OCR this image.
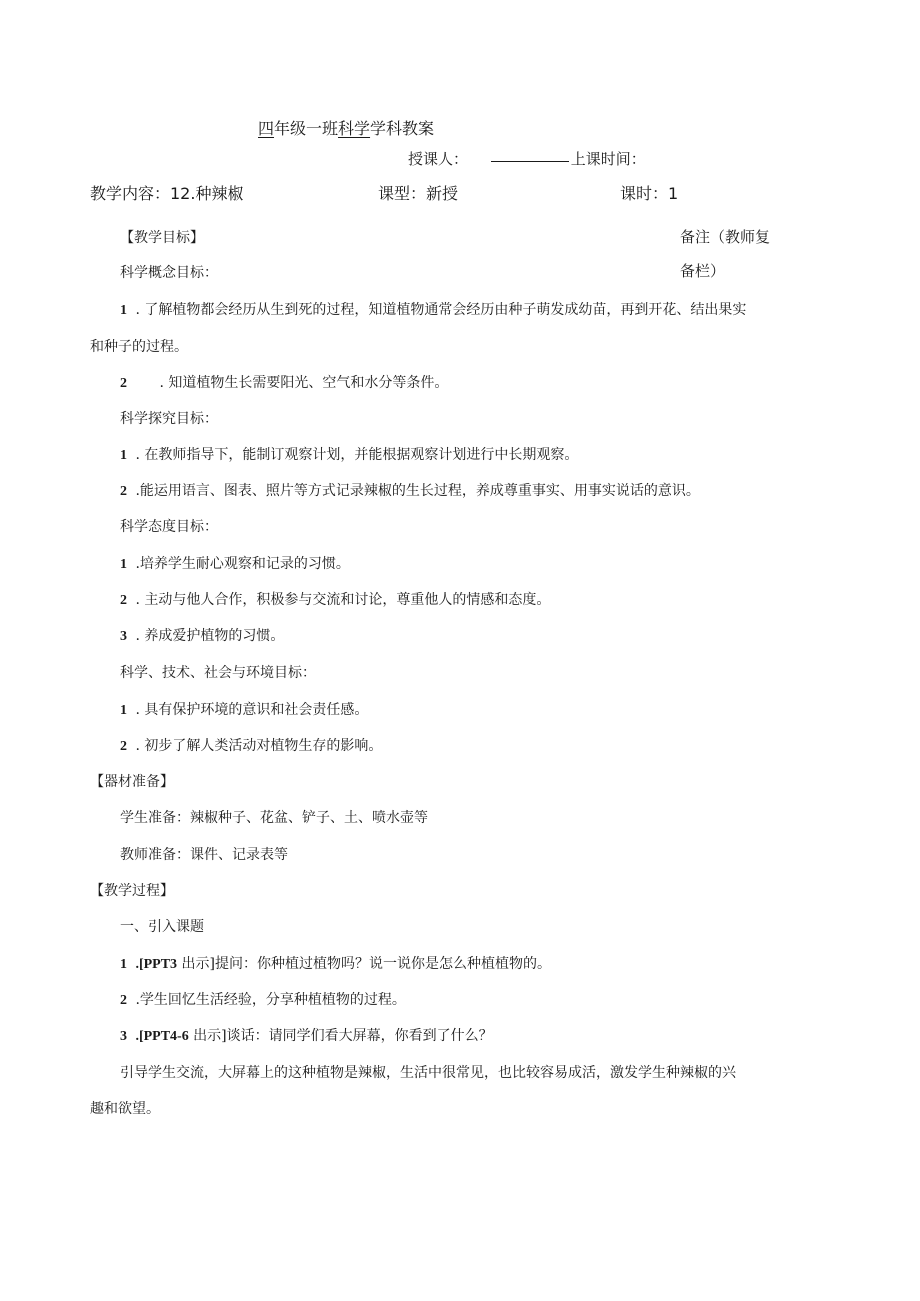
四年级一班科学学科教案
授课人：	上课时间：
教学内容：12.种辣椒	课型：新授	课时：1
【教学目标】	备注（教师复
备栏）
科学概念目标：
1 . 了解植物都会经历从生到死的过程，知道植物通常会经历由种子萌发成幼苗，再到开花、结出果实
和种子的过程。
2 . 知道植物生长需要阳光、空气和水分等条件。
科学探究目标：
1 . 在教师指导下，能制订观察计划，并能根据观察计划进行中长期观察。
2 .能运用语言、图表、照片等方式记录辣椒的生长过程，养成尊重事实、用事实说话的意识。
科学态度目标：
1 .培养学生耐心观察和记录的习惯。
2 . 主动与他人合作，积极参与交流和讨论，尊重他人的情感和态度。
3 . 养成爱护植物的习惯。
科学、技术、社会与环境目标：
1 . 具有保护环境的意识和社会责任感。
2 . 初步了解人类活动对植物生存的影响。
【器材准备】
学生准备：辣椒种子、花盆、铲子、土、喷水壶等
教师准备：课件、记录表等
【教学过程】
一、引入课题
1 .[PPT3 出示]提问：你种植过植物吗？说一说你是怎么种植植物的。
2 .学生回忆生活经验，分享种植植物的过程。
3 .[PPT4-6 出示]谈话：请同学们看大屏幕，你看到了什么？
引导学生交流，大屏幕上的这种植物是辣椒，生活中很常见，也比较容易成活，激发学生种辣椒的兴
趣和欲望。
